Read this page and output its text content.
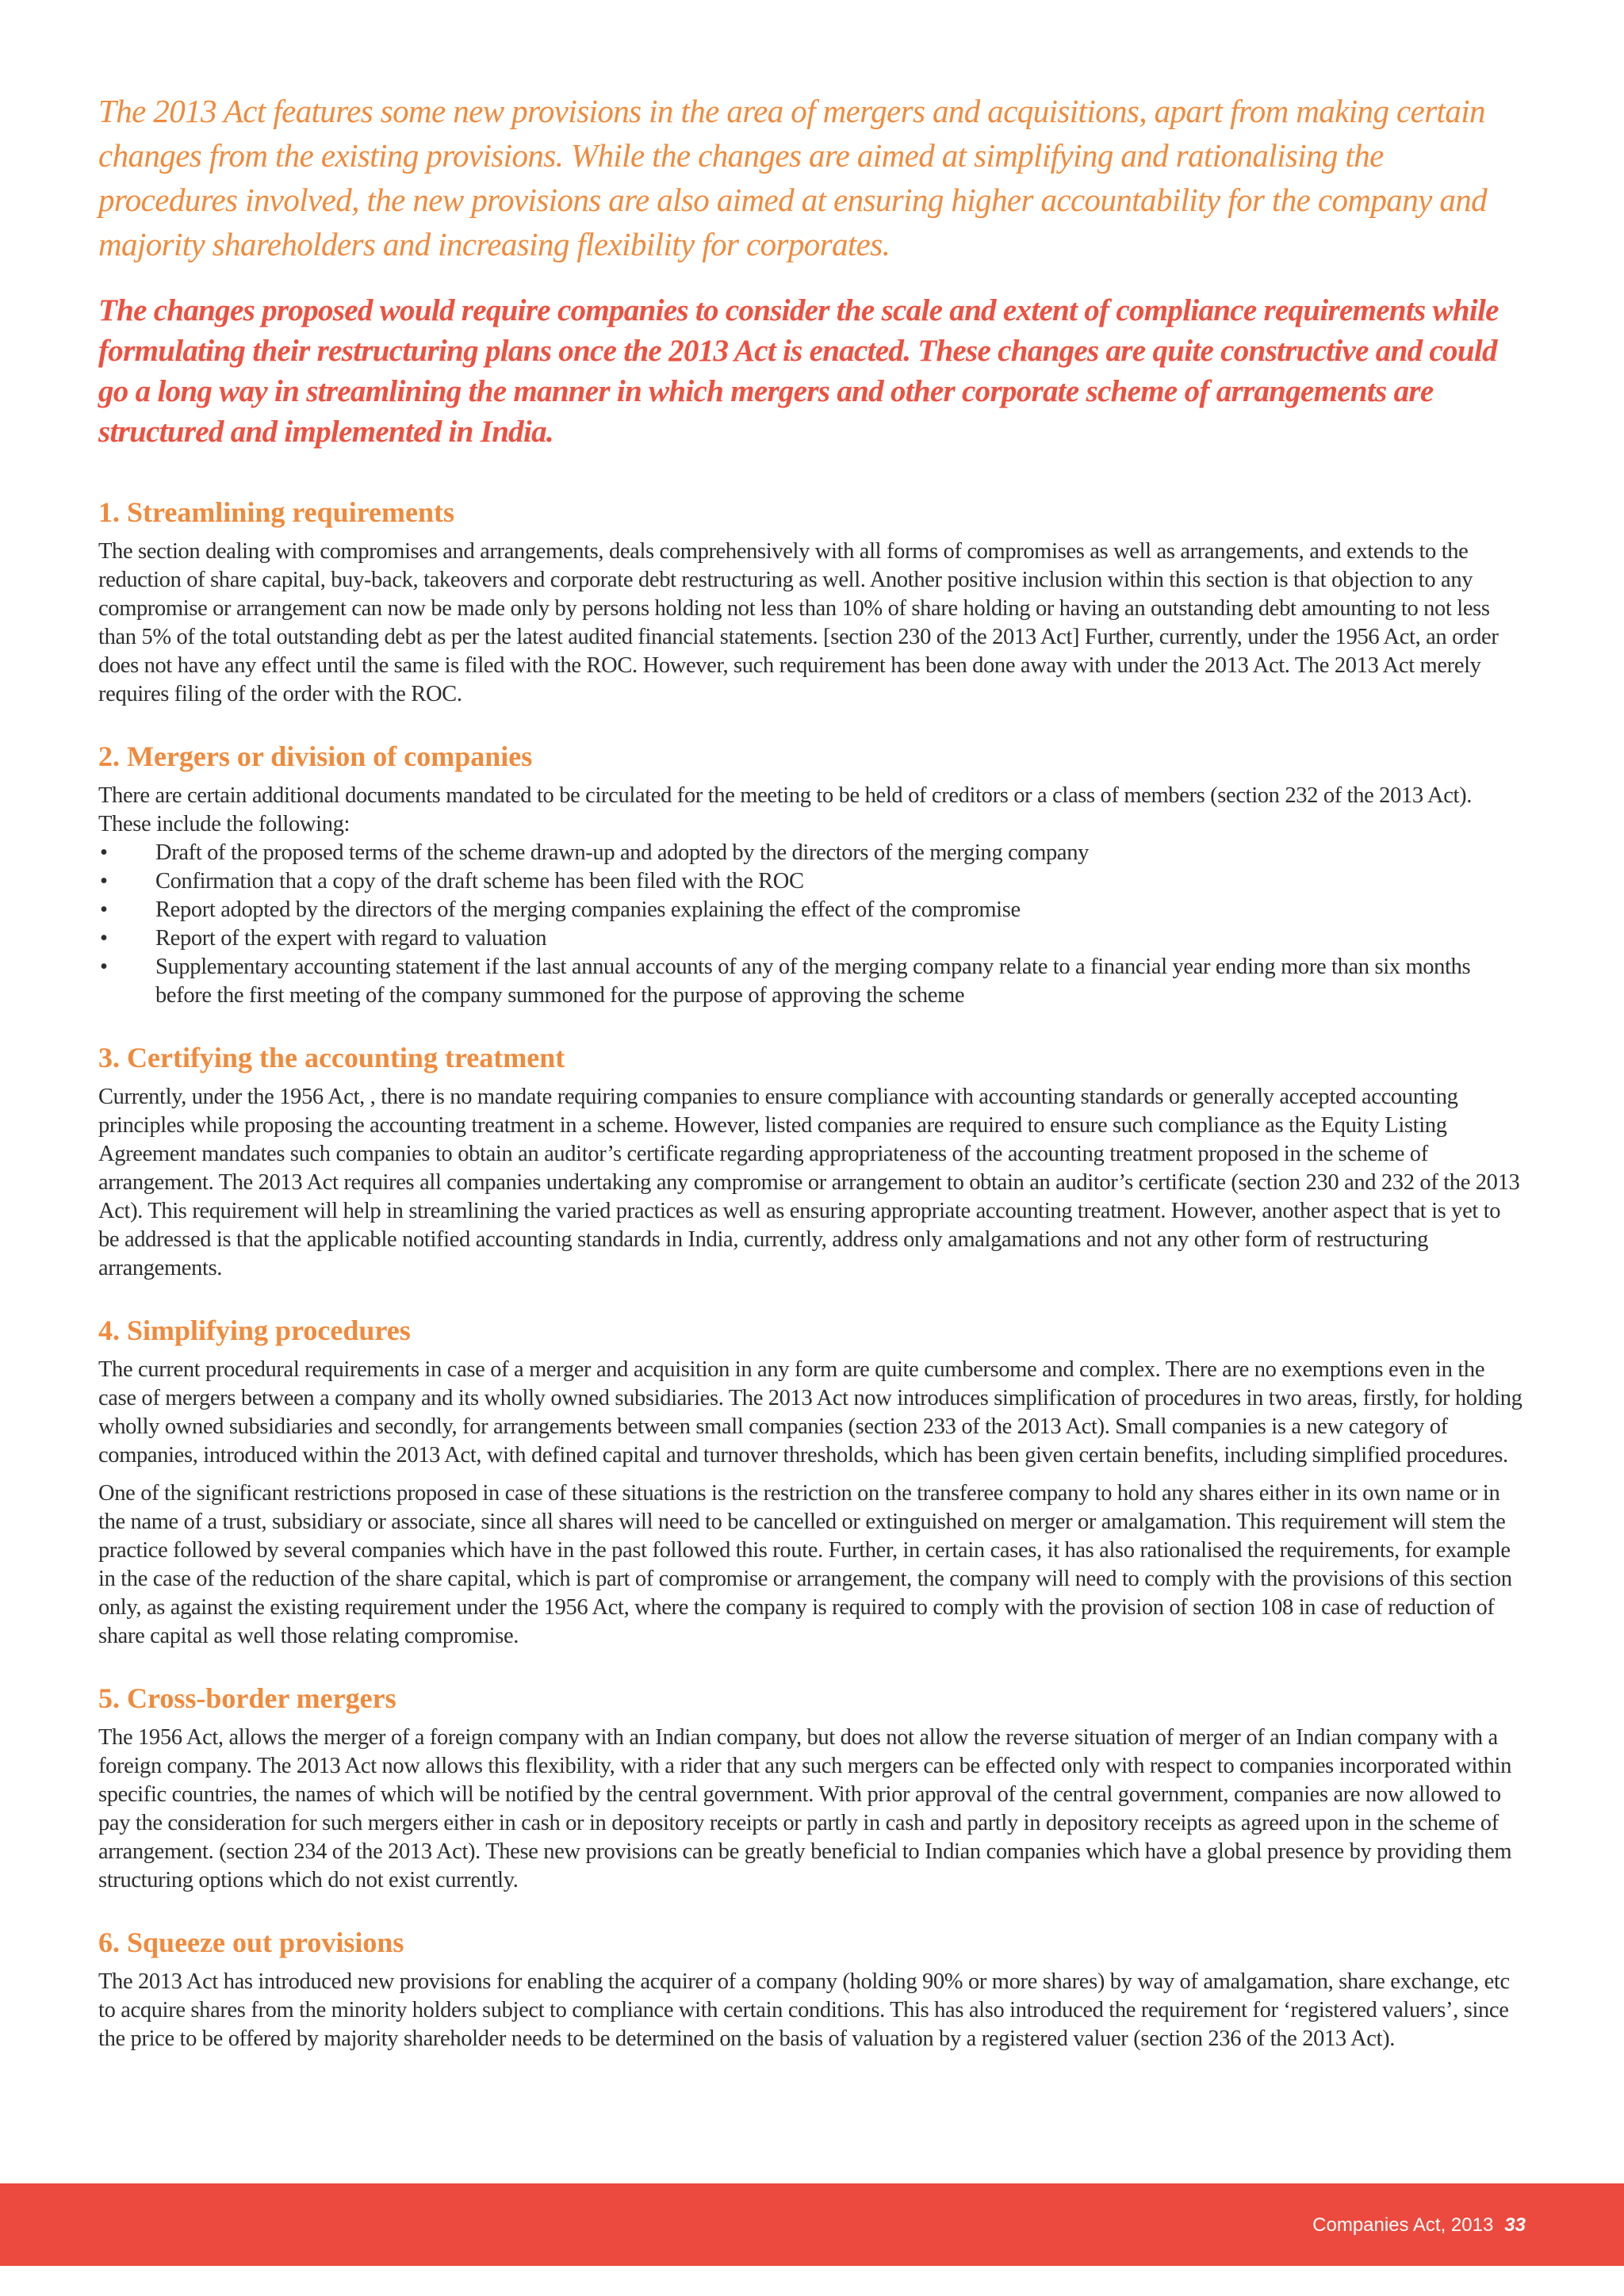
The 2013 Act features some new provisions in the area of mergers and acquisitions, apart from making certain changes from the existing provisions. While the changes are aimed at simplifying and rationalising the procedures involved, the new provisions are also aimed at ensuring higher accountability for the company and majority shareholders and increasing flexibility for corporates.

The changes proposed would require companies to consider the scale and extent of compliance requirements while formulating their restructuring plans once the 2013 Act is enacted. These changes are quite constructive and could go a long way in streamlining the manner in which mergers and other corporate scheme of arrangements are structured and implemented in India.

1. Streamlining requirements

The section dealing with compromises and arrangements, deals comprehensively with all forms of compromises as well as arrangements, and extends to the reduction of share capital, buy-back, takeovers and corporate debt restructuring as well. Another positive inclusion within this section is that objection to any compromise or arrangement can now be made only by persons holding not less than 10% of share holding or having an outstanding debt amounting to not less than 5% of the total outstanding debt as per the latest audited financial statements. [section 230 of the 2013 Act] Further, currently, under the 1956 Act, an order does not have any effect until the same is filed with the ROC. However, such requirement has been done away with under the 2013 Act. The 2013 Act merely requires filing of the order with the ROC.

2. Mergers or division of companies

There are certain additional documents mandated to be circulated for the meeting to be held of creditors or a class of members (section 232 of the 2013 Act). These include the following:

• Draft of the proposed terms of the scheme drawn-up and adopted by the directors of the merging company
• Confirmation that a copy of the draft scheme has been filed with the ROC
• Report adopted by the directors of the merging companies explaining the effect of the compromise
• Report of the expert with regard to valuation
• Supplementary accounting statement if the last annual accounts of any of the merging company relate to a financial year ending more than six months before the first meeting of the company summoned for the purpose of approving the scheme
3. Certifying the accounting treatment

Currently, under the 1956 Act, , there is no mandate requiring companies to ensure compliance with accounting standards or generally accepted accounting principles while proposing the accounting treatment in a scheme. However, listed companies are required to ensure such compliance as the Equity Listing Agreement mandates such companies to obtain an auditor’s certificate regarding appropriateness of the accounting treatment proposed in the scheme of arrangement. The 2013 Act requires all companies undertaking any compromise or arrangement to obtain an auditor’s certificate (section 230 and 232 of the 2013 Act). This requirement will help in streamlining the varied practices as well as ensuring appropriate accounting treatment. However, another aspect that is yet to be addressed is that the applicable notified accounting standards in India, currently, address only amalgamations and not any other form of restructuring arrangements.

4. Simplifying procedures

The current procedural requirements in case of a merger and acquisition in any form are quite cumbersome and complex. There are no exemptions even in the case of mergers between a company and its wholly owned subsidiaries. The 2013 Act now introduces simplification of procedures in two areas, firstly, for holding wholly owned subsidiaries and secondly, for arrangements between small companies (section 233 of the 2013 Act). Small companies is a new category of companies, introduced within the 2013 Act, with defined capital and turnover thresholds, which has been given certain benefits, including simplified procedures.

One of the significant restrictions proposed in case of these situations is the restriction on the transferee company to hold any shares either in its own name or in the name of a trust, subsidiary or associate, since all shares will need to be cancelled or extinguished on merger or amalgamation. This requirement will stem the practice followed by several companies which have in the past followed this route. Further, in certain cases, it has also rationalised the requirements, for example in the case of the reduction of the share capital, which is part of compromise or arrangement, the company will need to comply with the provisions of this section only, as against the existing requirement under the 1956 Act, where the company is required to comply with the provision of section 108 in case of reduction of share capital as well those relating compromise.

5. Cross-border mergers

The 1956 Act, allows the merger of a foreign company with an Indian company, but does not allow the reverse situation of merger of an Indian company with a foreign company. The 2013 Act now allows this flexibility, with a rider that any such mergers can be effected only with respect to companies incorporated within specific countries, the names of which will be notified by the central government. With prior approval of the central government, companies are now allowed to pay the consideration for such mergers either in cash or in depository receipts or partly in cash and partly in depository receipts as agreed upon in the scheme of arrangement. (section 234 of the 2013 Act). These new provisions can be greatly beneficial to Indian companies which have a global presence by providing them structuring options which do not exist currently.

6. Squeeze out provisions

The 2013 Act has introduced new provisions for enabling the acquirer of a company (holding 90% or more shares) by way of amalgamation, share exchange, etc to acquire shares from the minority holders subject to compliance with certain conditions. This has also introduced the requirement for ‘registered valuers’, since the price to be offered by majority shareholder needs to be determined on the basis of valuation by a registered valuer (section 236 of the 2013 Act).

Companies Act, 2013 33
